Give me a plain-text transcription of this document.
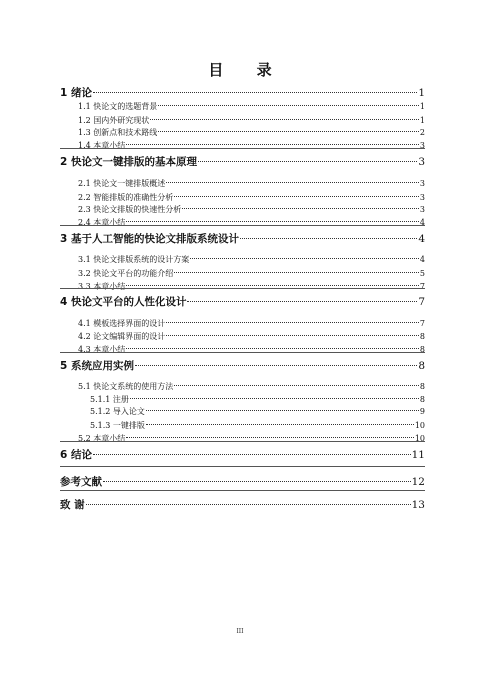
目 录
1 绪论	1
1.1 快论文的选题背景	1
1.2 国内外研究现状	1
1.3 创新点和技术路线	2
1.4 本章小结	3
2 快论文一键排版的基本原理	3
2.1 快论文一键排版概述	3
2.2 智能排版的准确性分析	3
2.3 快论文排版的快速性分析	3
2.4 本章小结	4
3 基于人工智能的快论文排版系统设计	4
3.1 快论文排版系统的设计方案	4
3.2 快论文平台的功能介绍	5
3.3 本章小结	7
4 快论文平台的人性化设计	7
4.1 模板选择界面的设计	7
4.2 论文编辑界面的设计	8
4.3 本章小结	8
5 系统应用实例	8
5.1 快论文系统的使用方法	8
5.1.1 注册	8
5.1.2 导入论文	9
5.1.3 一键排版	10
5.2 本章小结	10
6 结论	11
参考文献	12
致 谢	13
III
